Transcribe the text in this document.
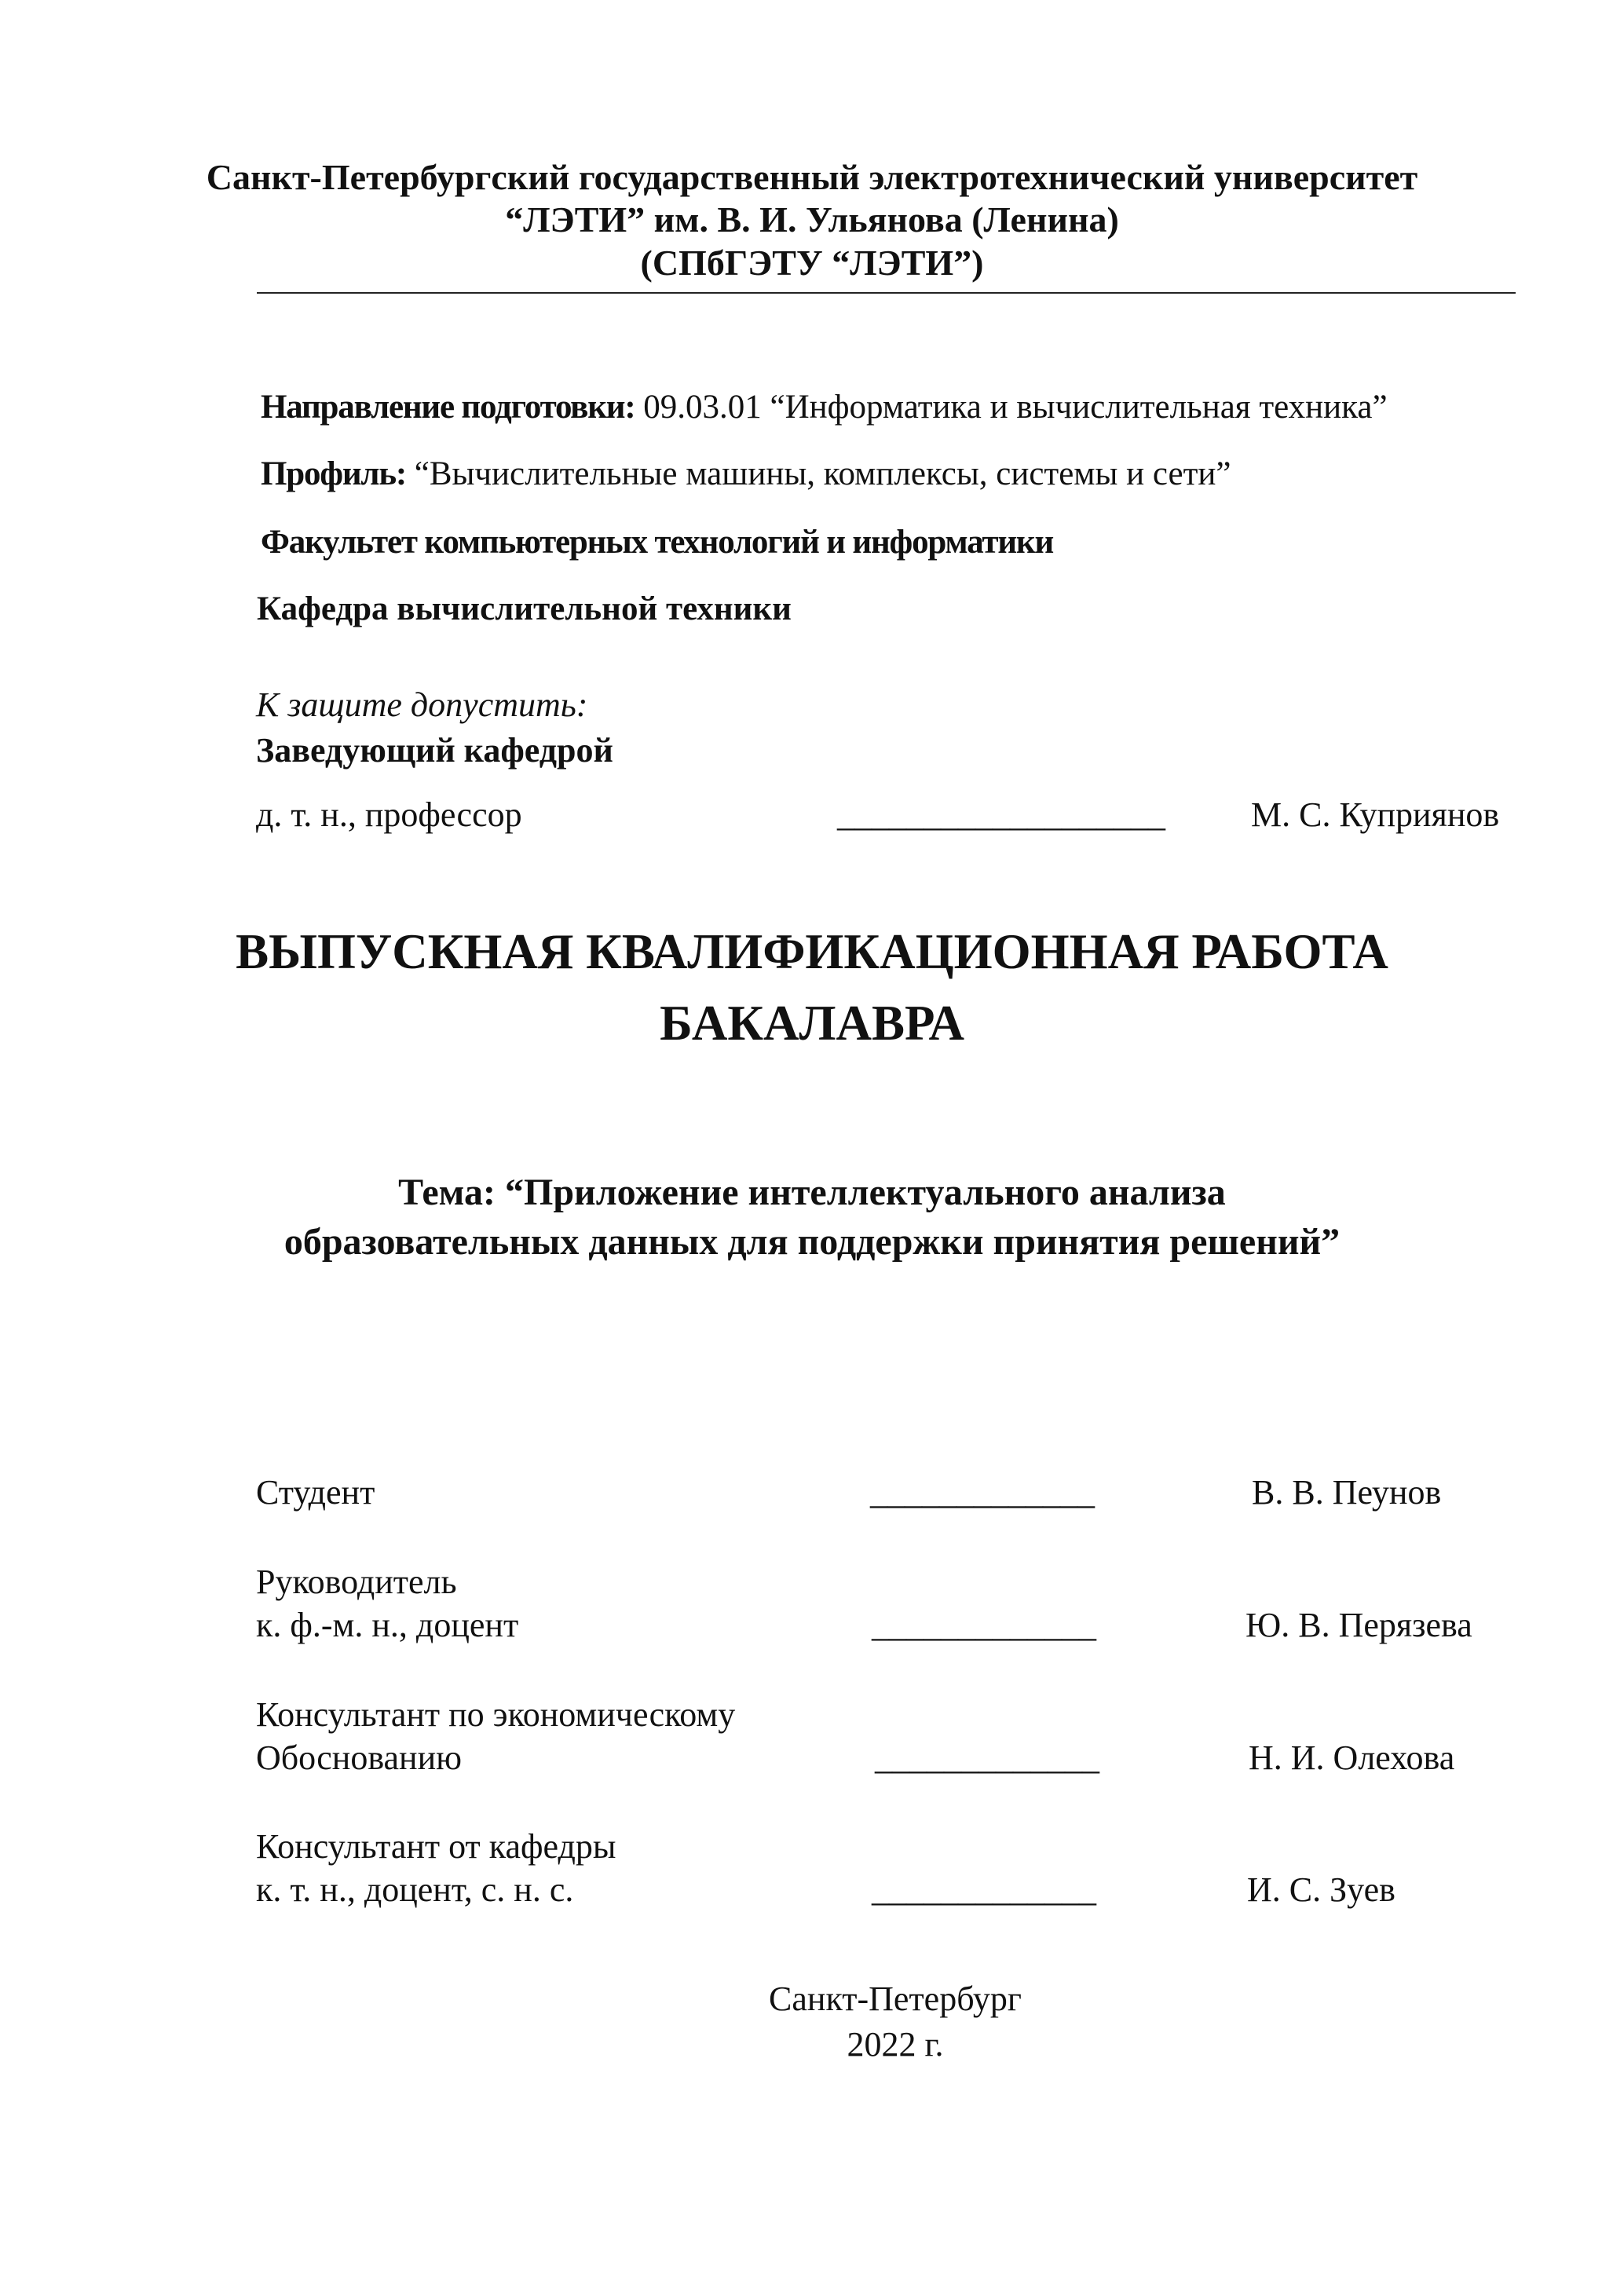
Санкт-Петербургский государственный электротехнический университет
“ЛЭТИ” им. В. И. Ульянова (Ленина)
(СПбГЭТУ “ЛЭТИ”)
Направление подготовки: 09.03.01 “Информатика и вычислительная техника”
Профиль: “Вычислительные машины, комплексы, системы и сети”
Факультет компьютерных технологий и информатики
Кафедра вычислительной техники
К защите допустить:
Заведующий кафедрой
д. т. н., профессор	___________________ М. С. Куприянов
ВЫПУСКНАЯ КВАЛИФИКАЦИОННАЯ РАБОТА
БАКАЛАВРА
Тема: “Приложение интеллектуального анализа
образовательных данных для поддержки принятия решений”
Студент	_____________	В. В. Пеунов
Руководитель
к. ф.-м. н., доцент	_____________	Ю. В. Перязева
Консультант по экономическому
Обоснованию	_____________	Н. И. Олехова
Консультант от кафедры
к. т. н., доцент, с. н. с.	_____________	И. С. Зуев
Санкт-Петербург
2022 г.
